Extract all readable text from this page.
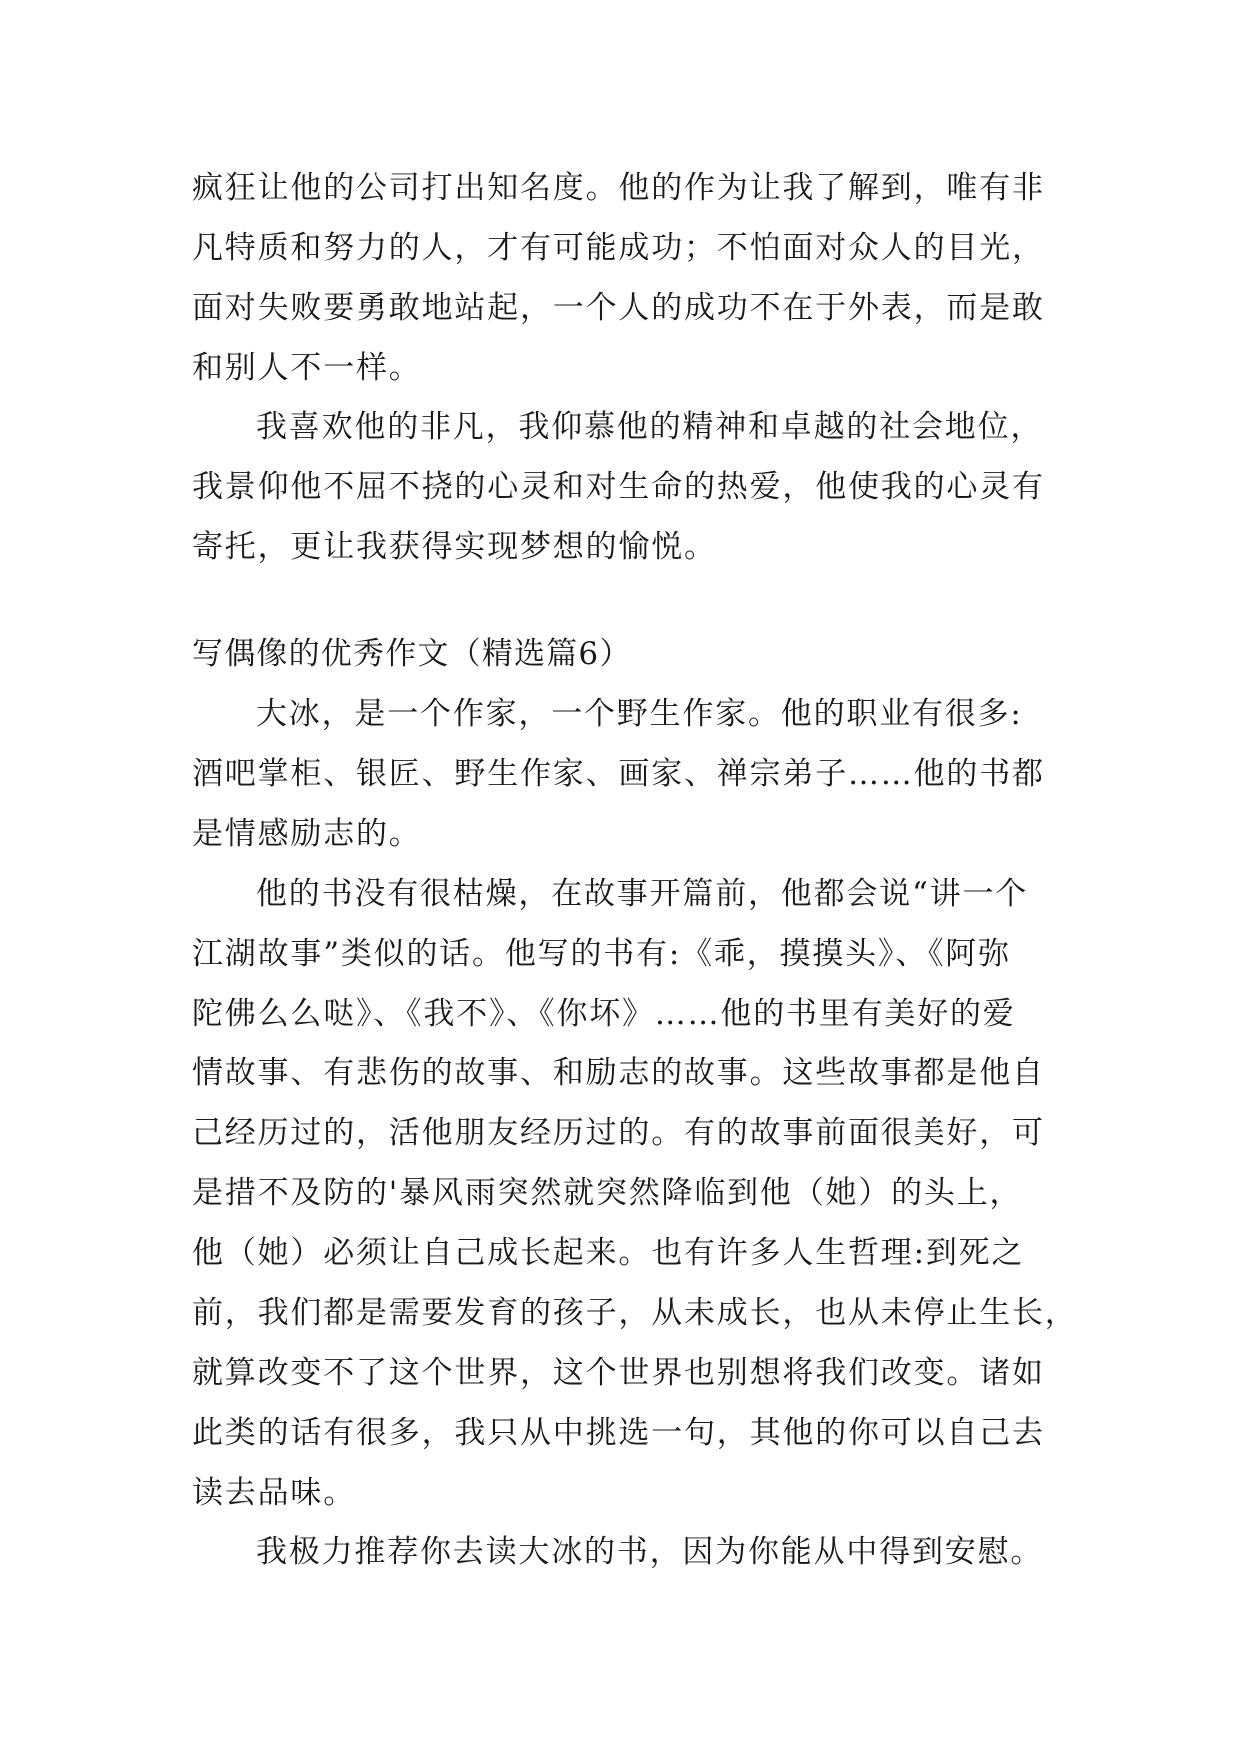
疯狂让他的公司打出知名度。他的作为让我了解到，唯有非
凡特质和努力的人，才有可能成功；不怕面对众人的目光，
面对失败要勇敢地站起，一个人的成功不在于外表，而是敢
和别人不一样。
我喜欢他的非凡，我仰慕他的精神和卓越的社会地位，
我景仰他不屈不挠的心灵和对生命的热爱，他使我的心灵有
寄托，更让我获得实现梦想的愉悦。
写偶像的优秀作文（精选篇6）
大冰，是一个作家，一个野生作家。他的职业有很多:
酒吧掌柜、银匠、野生作家、画家、禅宗弟子……他的书都
是情感励志的。
他的书没有很枯燥，在故事开篇前，他都会说“讲一个
江湖故事”类似的话。他写的书有:《乖，摸摸头》、《阿弥
陀佛么么哒》、《我不》、《你坏》……他的书里有美好的爱
情故事、有悲伤的故事、和励志的故事。这些故事都是他自
己经历过的，活他朋友经历过的。有的故事前面很美好，可
是措不及防的'暴风雨突然就突然降临到他（她）的头上，
他（她）必须让自己成长起来。也有许多人生哲理:到死之
前，我们都是需要发育的孩子，从未成长，也从未停止生长，
就算改变不了这个世界，这个世界也别想将我们改变。诸如
此类的话有很多，我只从中挑选一句，其他的你可以自己去
读去品味。
我极力推荐你去读大冰的书，因为你能从中得到安慰。
